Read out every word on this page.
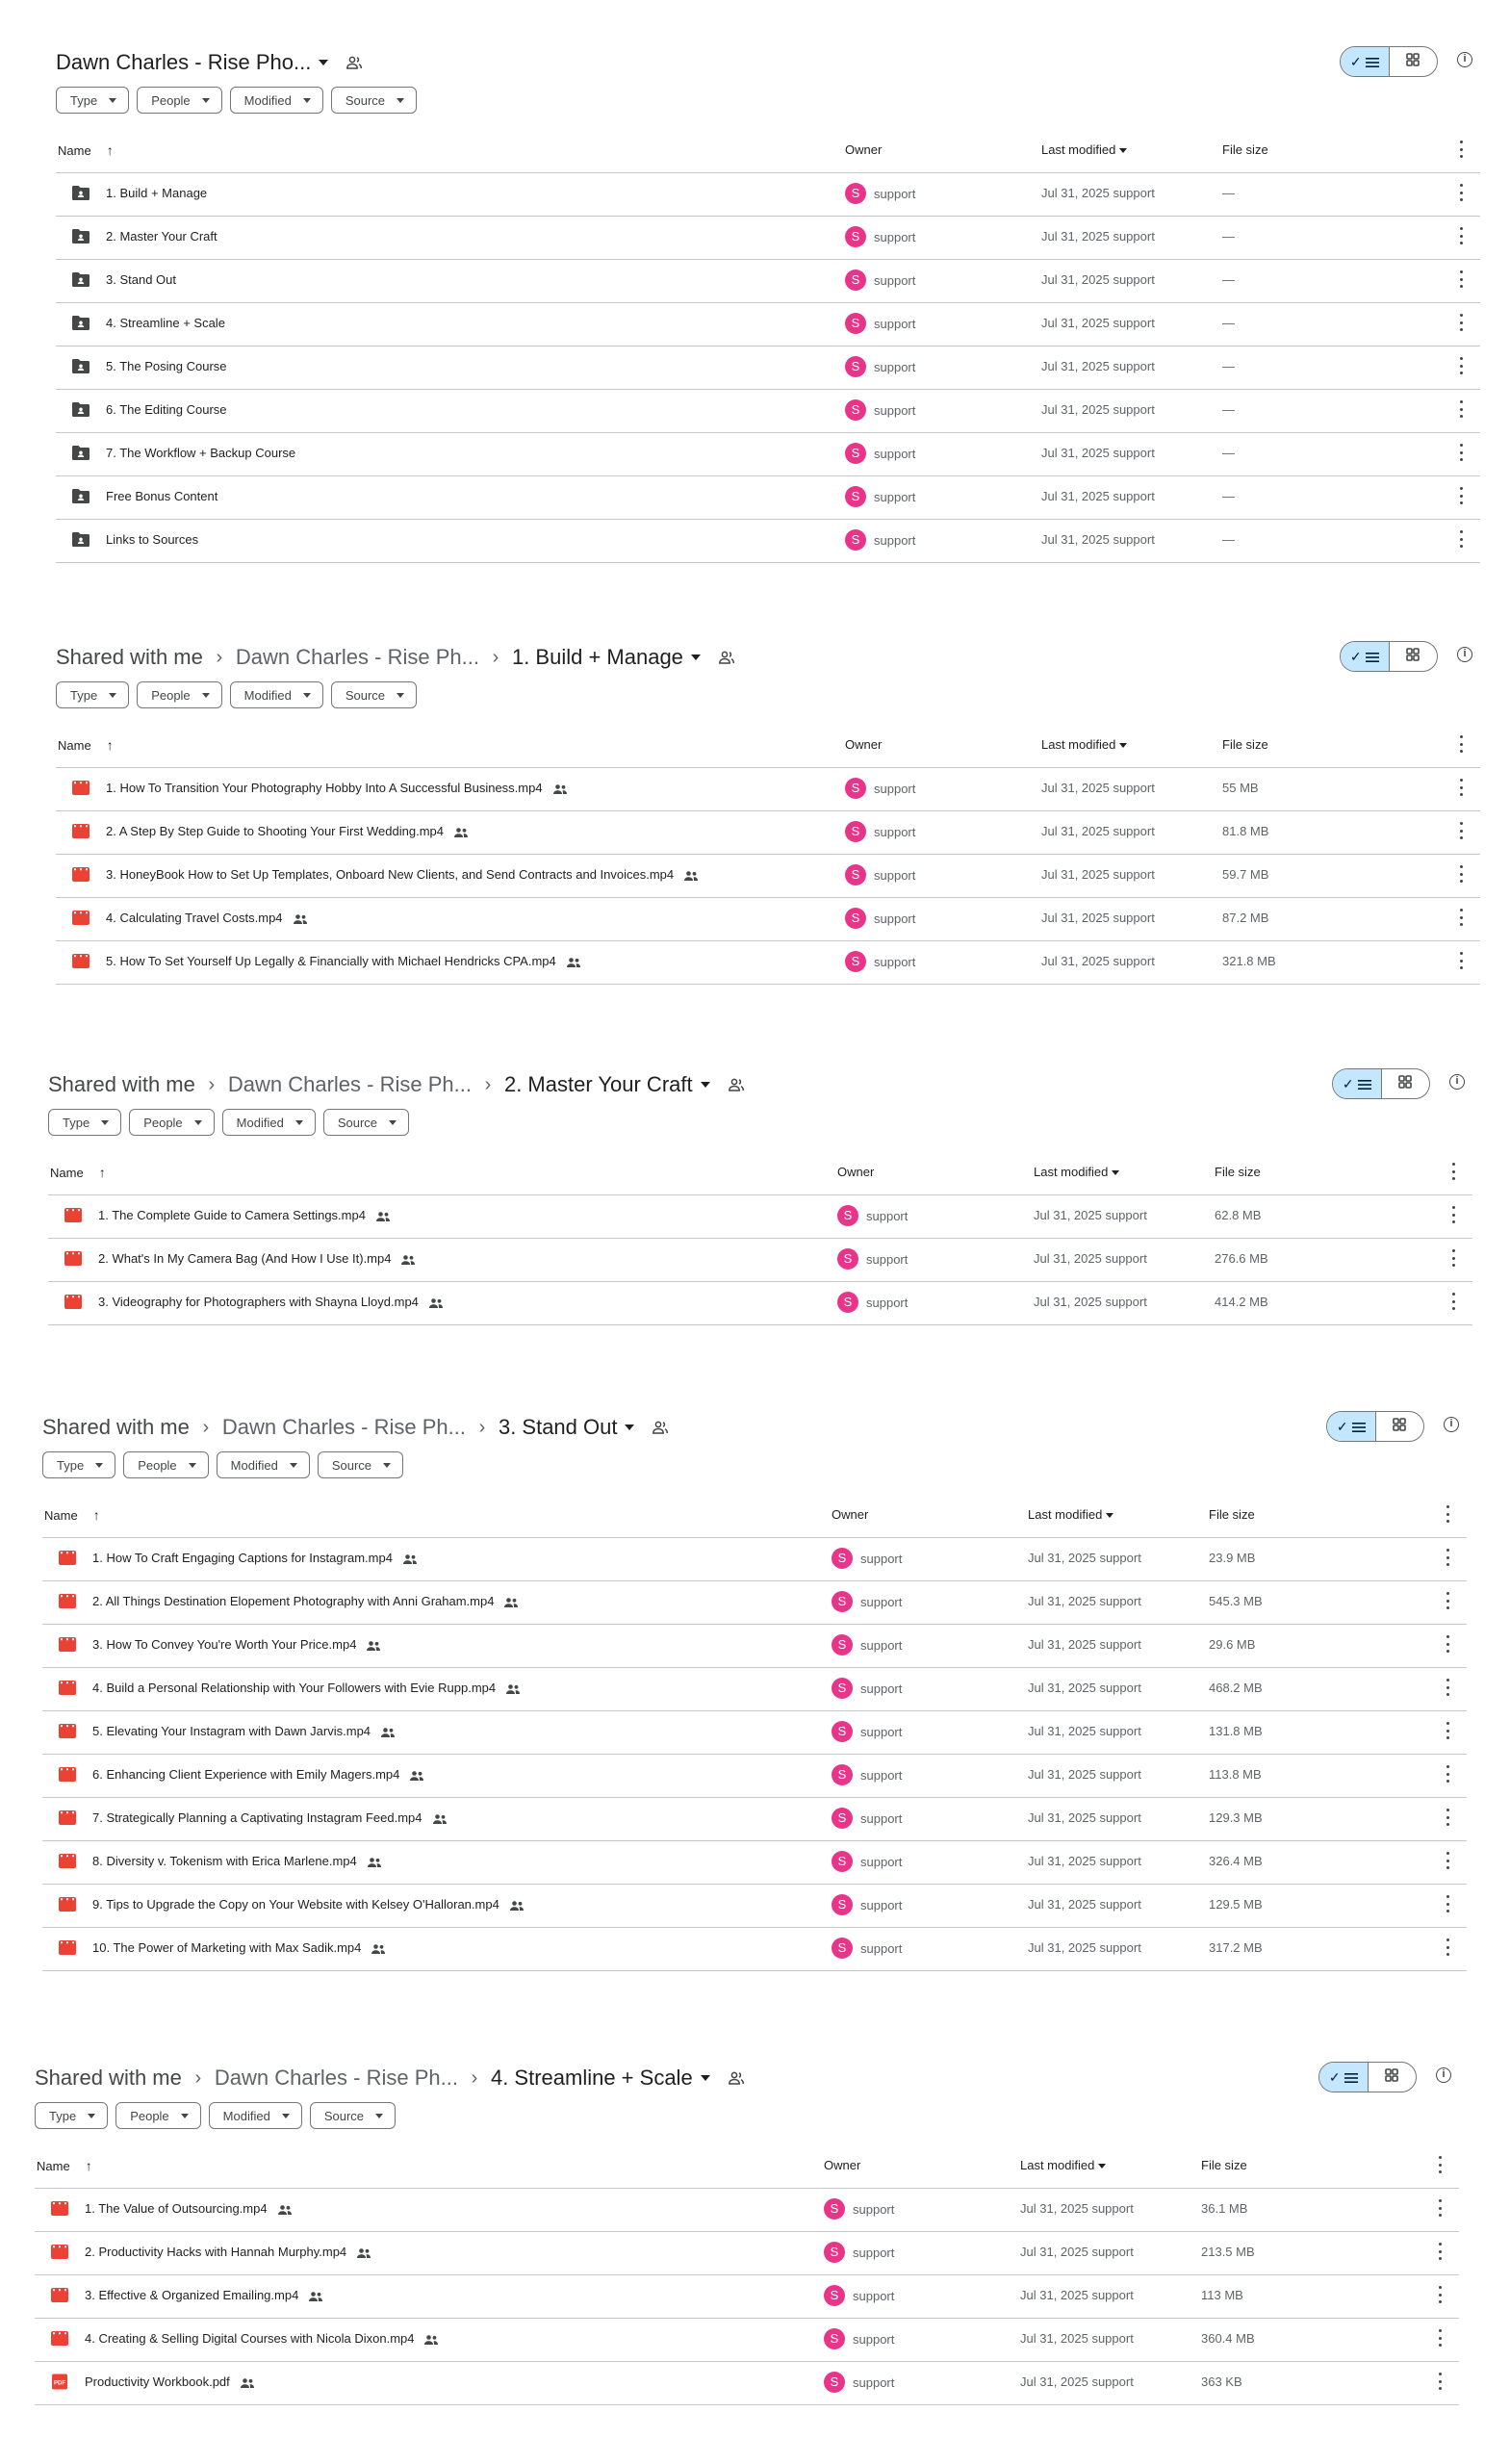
Dawn Charles - Rise Pho...	✓	i
Type	People	Modified	Source
Name ↑	Owner	Last modified	File size
1. Build + Manage	S	support	Jul 31, 2025 support	—
2. Master Your Craft	S	support	Jul 31, 2025 support	—
3. Stand Out	S	support	Jul 31, 2025 support	—
4. Streamline + Scale	S	support	Jul 31, 2025 support	—
5. The Posing Course	S	support	Jul 31, 2025 support	—
6. The Editing Course	S	support	Jul 31, 2025 support	—
7. The Workflow + Backup Course	S	support	Jul 31, 2025 support	—
Free Bonus Content	S	support	Jul 31, 2025 support	—
Links to Sources	S	support	Jul 31, 2025 support	—
Shared with me › Dawn Charles - Rise Ph... › 1. Build + Manage	✓	i
Type	People	Modified	Source
Name ↑	Owner	Last modified	File size
1. How To Transition Your Photography Hobby Into A Successful Business.mp4	S	support	Jul 31, 2025 support	55 MB
2. A Step By Step Guide to Shooting Your First Wedding.mp4	S	support	Jul 31, 2025 support	81.8 MB
3. HoneyBook How to Set Up Templates, Onboard New Clients, and Send Contracts and Invoices.mp4	S	support	Jul 31, 2025 support	59.7 MB
4. Calculating Travel Costs.mp4	S	support	Jul 31, 2025 support	87.2 MB
5. How To Set Yourself Up Legally & Financially with Michael Hendricks CPA.mp4	S	support	Jul 31, 2025 support	321.8 MB
Shared with me › Dawn Charles - Rise Ph... › 2. Master Your Craft	✓	i
Type	People	Modified	Source
Name ↑	Owner	Last modified	File size
1. The Complete Guide to Camera Settings.mp4	S	support	Jul 31, 2025 support	62.8 MB
2. What's In My Camera Bag (And How I Use It).mp4	S	support	Jul 31, 2025 support	276.6 MB
3. Videography for Photographers with Shayna Lloyd.mp4	S	support	Jul 31, 2025 support	414.2 MB
Shared with me › Dawn Charles - Rise Ph... › 3. Stand Out	✓	i
Type	People	Modified	Source
Name ↑	Owner	Last modified	File size
1. How To Craft Engaging Captions for Instagram.mp4	S	support	Jul 31, 2025 support	23.9 MB
2. All Things Destination Elopement Photography with Anni Graham.mp4	S	support	Jul 31, 2025 support	545.3 MB
3. How To Convey You're Worth Your Price.mp4	S	support	Jul 31, 2025 support	29.6 MB
4. Build a Personal Relationship with Your Followers with Evie Rupp.mp4	S	support	Jul 31, 2025 support	468.2 MB
5. Elevating Your Instagram with Dawn Jarvis.mp4	S	support	Jul 31, 2025 support	131.8 MB
6. Enhancing Client Experience with Emily Magers.mp4	S	support	Jul 31, 2025 support	113.8 MB
7. Strategically Planning a Captivating Instagram Feed.mp4	S	support	Jul 31, 2025 support	129.3 MB
8. Diversity v. Tokenism with Erica Marlene.mp4	S	support	Jul 31, 2025 support	326.4 MB
9. Tips to Upgrade the Copy on Your Website with Kelsey O'Halloran.mp4	S	support	Jul 31, 2025 support	129.5 MB
10. The Power of Marketing with Max Sadik.mp4	S	support	Jul 31, 2025 support	317.2 MB
Shared with me › Dawn Charles - Rise Ph... › 4. Streamline + Scale	✓	i
Type	People	Modified	Source
Name ↑	Owner	Last modified	File size
1. The Value of Outsourcing.mp4	S	support	Jul 31, 2025 support	36.1 MB
2. Productivity Hacks with Hannah Murphy.mp4	S	support	Jul 31, 2025 support	213.5 MB
3. Effective & Organized Emailing.mp4	S	support	Jul 31, 2025 support	113 MB
4. Creating & Selling Digital Courses with Nicola Dixon.mp4	S	support	Jul 31, 2025 support	360.4 MB
PDF Productivity Workbook.pdf	S	support	Jul 31, 2025 support	363 KB
